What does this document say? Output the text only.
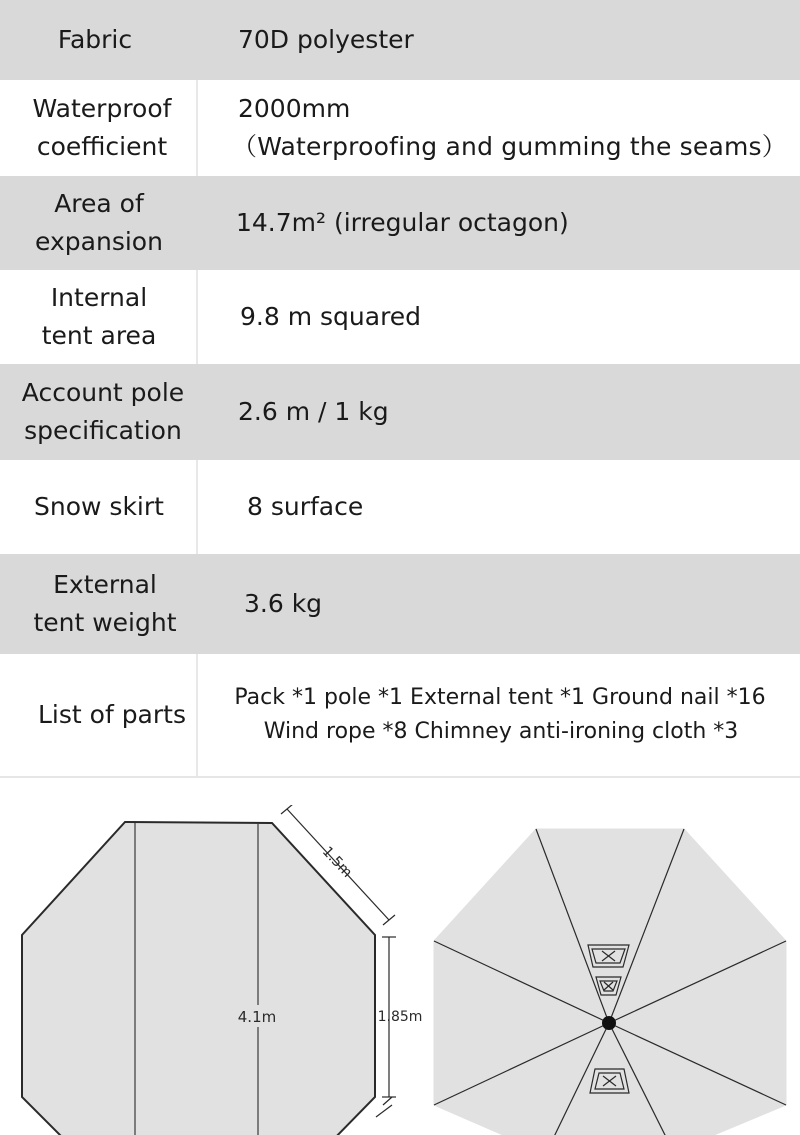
Fabric	70D polyester
Waterproof
coefficient
2000mm
（Waterproofing and gumming the seams）
Area of
expansion
14.7m² (irregular octagon)
Internal
tent area
9.8 m squared
Account pole
specification
2.6 m / 1 kg
Snow skirt	8 surface
External
tent weight
3.6 kg
List of parts
Pack *1 pole *1 External tent *1 Ground nail *16
Wind rope *8 Chimney anti-ironing cloth *3
1.5m
1.85m
4.1m
